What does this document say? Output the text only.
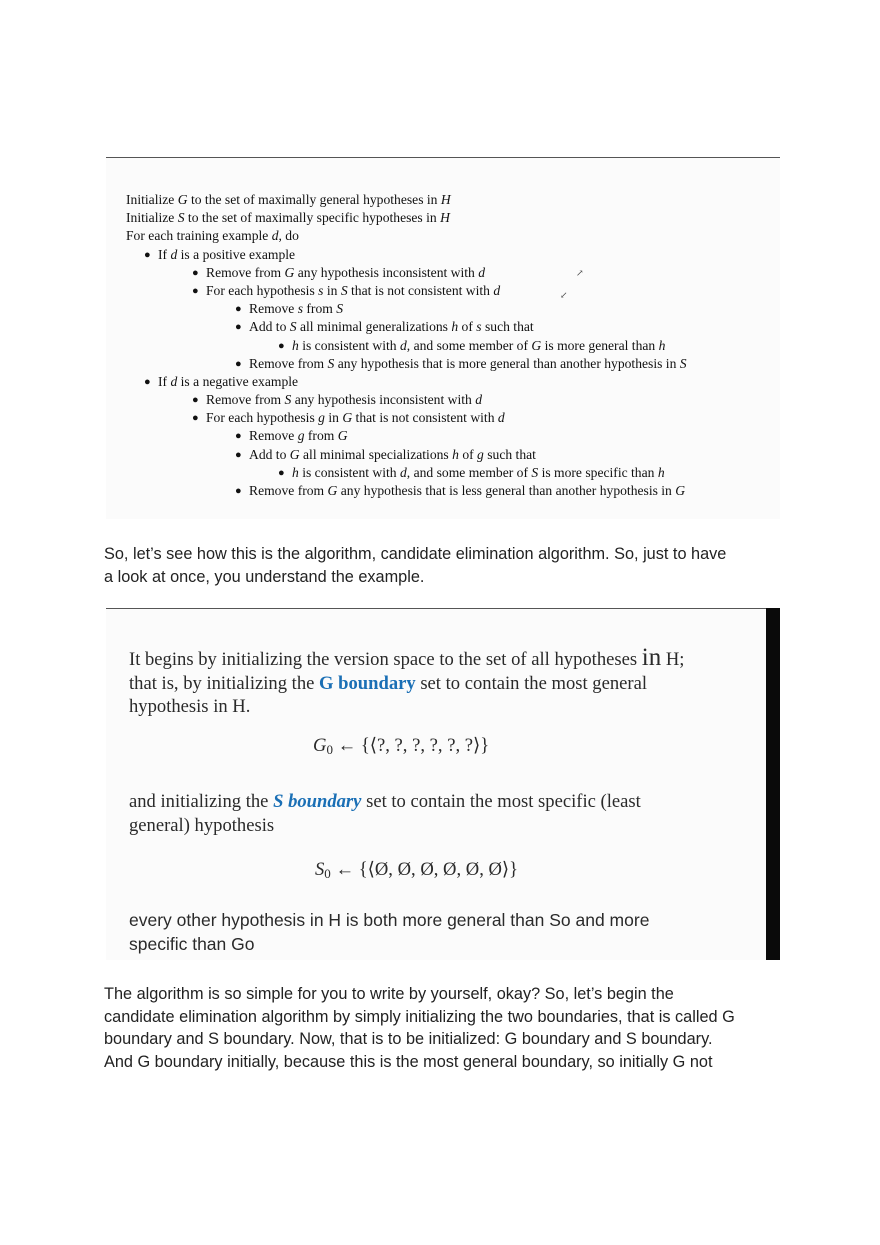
Initialize G to the set of maximally general hypotheses in H
Initialize S to the set of maximally specific hypotheses in H
For each training example d, do
● If d is a positive example
● Remove from G any hypothesis inconsistent with d	↗
● For each hypothesis s in S that is not consistent with d	↙
● Remove s from S
● Add to S all minimal generalizations h of s such that
● h is consistent with d, and some member of G is more general than h
● Remove from S any hypothesis that is more general than another hypothesis in S
● If d is a negative example
● Remove from S any hypothesis inconsistent with d
● For each hypothesis g in G that is not consistent with d
● Remove g from G
● Add to G all minimal specializations h of g such that
● h is consistent with d, and some member of S is more specific than h
● Remove from G any hypothesis that is less general than another hypothesis in G
So, let’s see how this is the algorithm, candidate elimination algorithm. So, just to have
a look at once, you understand the example.
It begins by initializing the version space to the set of all hypotheses in H;
that is, by initializing the G boundary set to contain the most general
hypothesis in H.
$G_0$ ← {⟨?, ?, ?, ?, ?, ?⟩}
and initializing the S boundary set to contain the most specific (least
general) hypothesis
$S_0$ ← {⟨Ø, Ø, Ø, Ø, Ø, Ø⟩}
every other hypothesis in H is both more general than So and more
specific than Go
The algorithm is so simple for you to write by yourself, okay? So, let’s begin the
candidate elimination algorithm by simply initializing the two boundaries, that is called G
boundary and S boundary. Now, that is to be initialized: G boundary and S boundary.
And G boundary initially, because this is the most general boundary, so initially G not
